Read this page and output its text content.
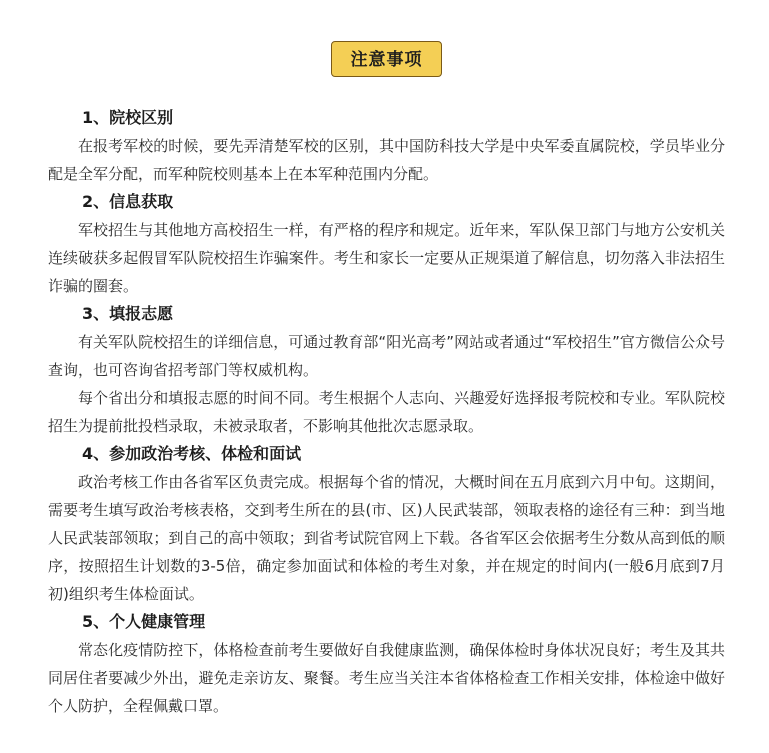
注意事项
1、院校区别

在报考军校的时候，要先弄清楚军校的区别，其中国防科技大学是中央军委直属院校，学员毕业分配是全军分配，而军种院校则基本上在本军种范围内分配。

2、信息获取

军校招生与其他地方高校招生一样，有严格的程序和规定。近年来，军队保卫部门与地方公安机关连续破获多起假冒军队院校招生诈骗案件。考生和家长一定要从正规渠道了解信息，切勿落入非法招生诈骗的圈套。

3、填报志愿

有关军队院校招生的详细信息，可通过教育部“阳光高考”网站或者通过“军校招生”官方微信公众号查询，也可咨询省招考部门等权威机构。

每个省出分和填报志愿的时间不同。考生根据个人志向、兴趣爱好选择报考院校和专业。军队院校招生为提前批投档录取，未被录取者，不影响其他批次志愿录取。

4、参加政治考核、体检和面试

政治考核工作由各省军区负责完成。根据每个省的情况，大概时间在五月底到六月中旬。这期间，需要考生填写政治考核表格，交到考生所在的县(市、区)人民武装部，领取表格的途径有三种：到当地人民武装部领取；到自己的高中领取；到省考试院官网上下载。各省军区会依据考生分数从高到低的顺序，按照招生计划数的3-5倍，确定参加面试和体检的考生对象，并在规定的时间内(一般6月底到7月初)组织考生体检面试。

5、个人健康管理

常态化疫情防控下，体格检查前考生要做好自我健康监测，确保体检时身体状况良好；考生及其共同居住者要减少外出，避免走亲访友、聚餐。考生应当关注本省体格检查工作相关安排，体检途中做好个人防护，全程佩戴口罩。
